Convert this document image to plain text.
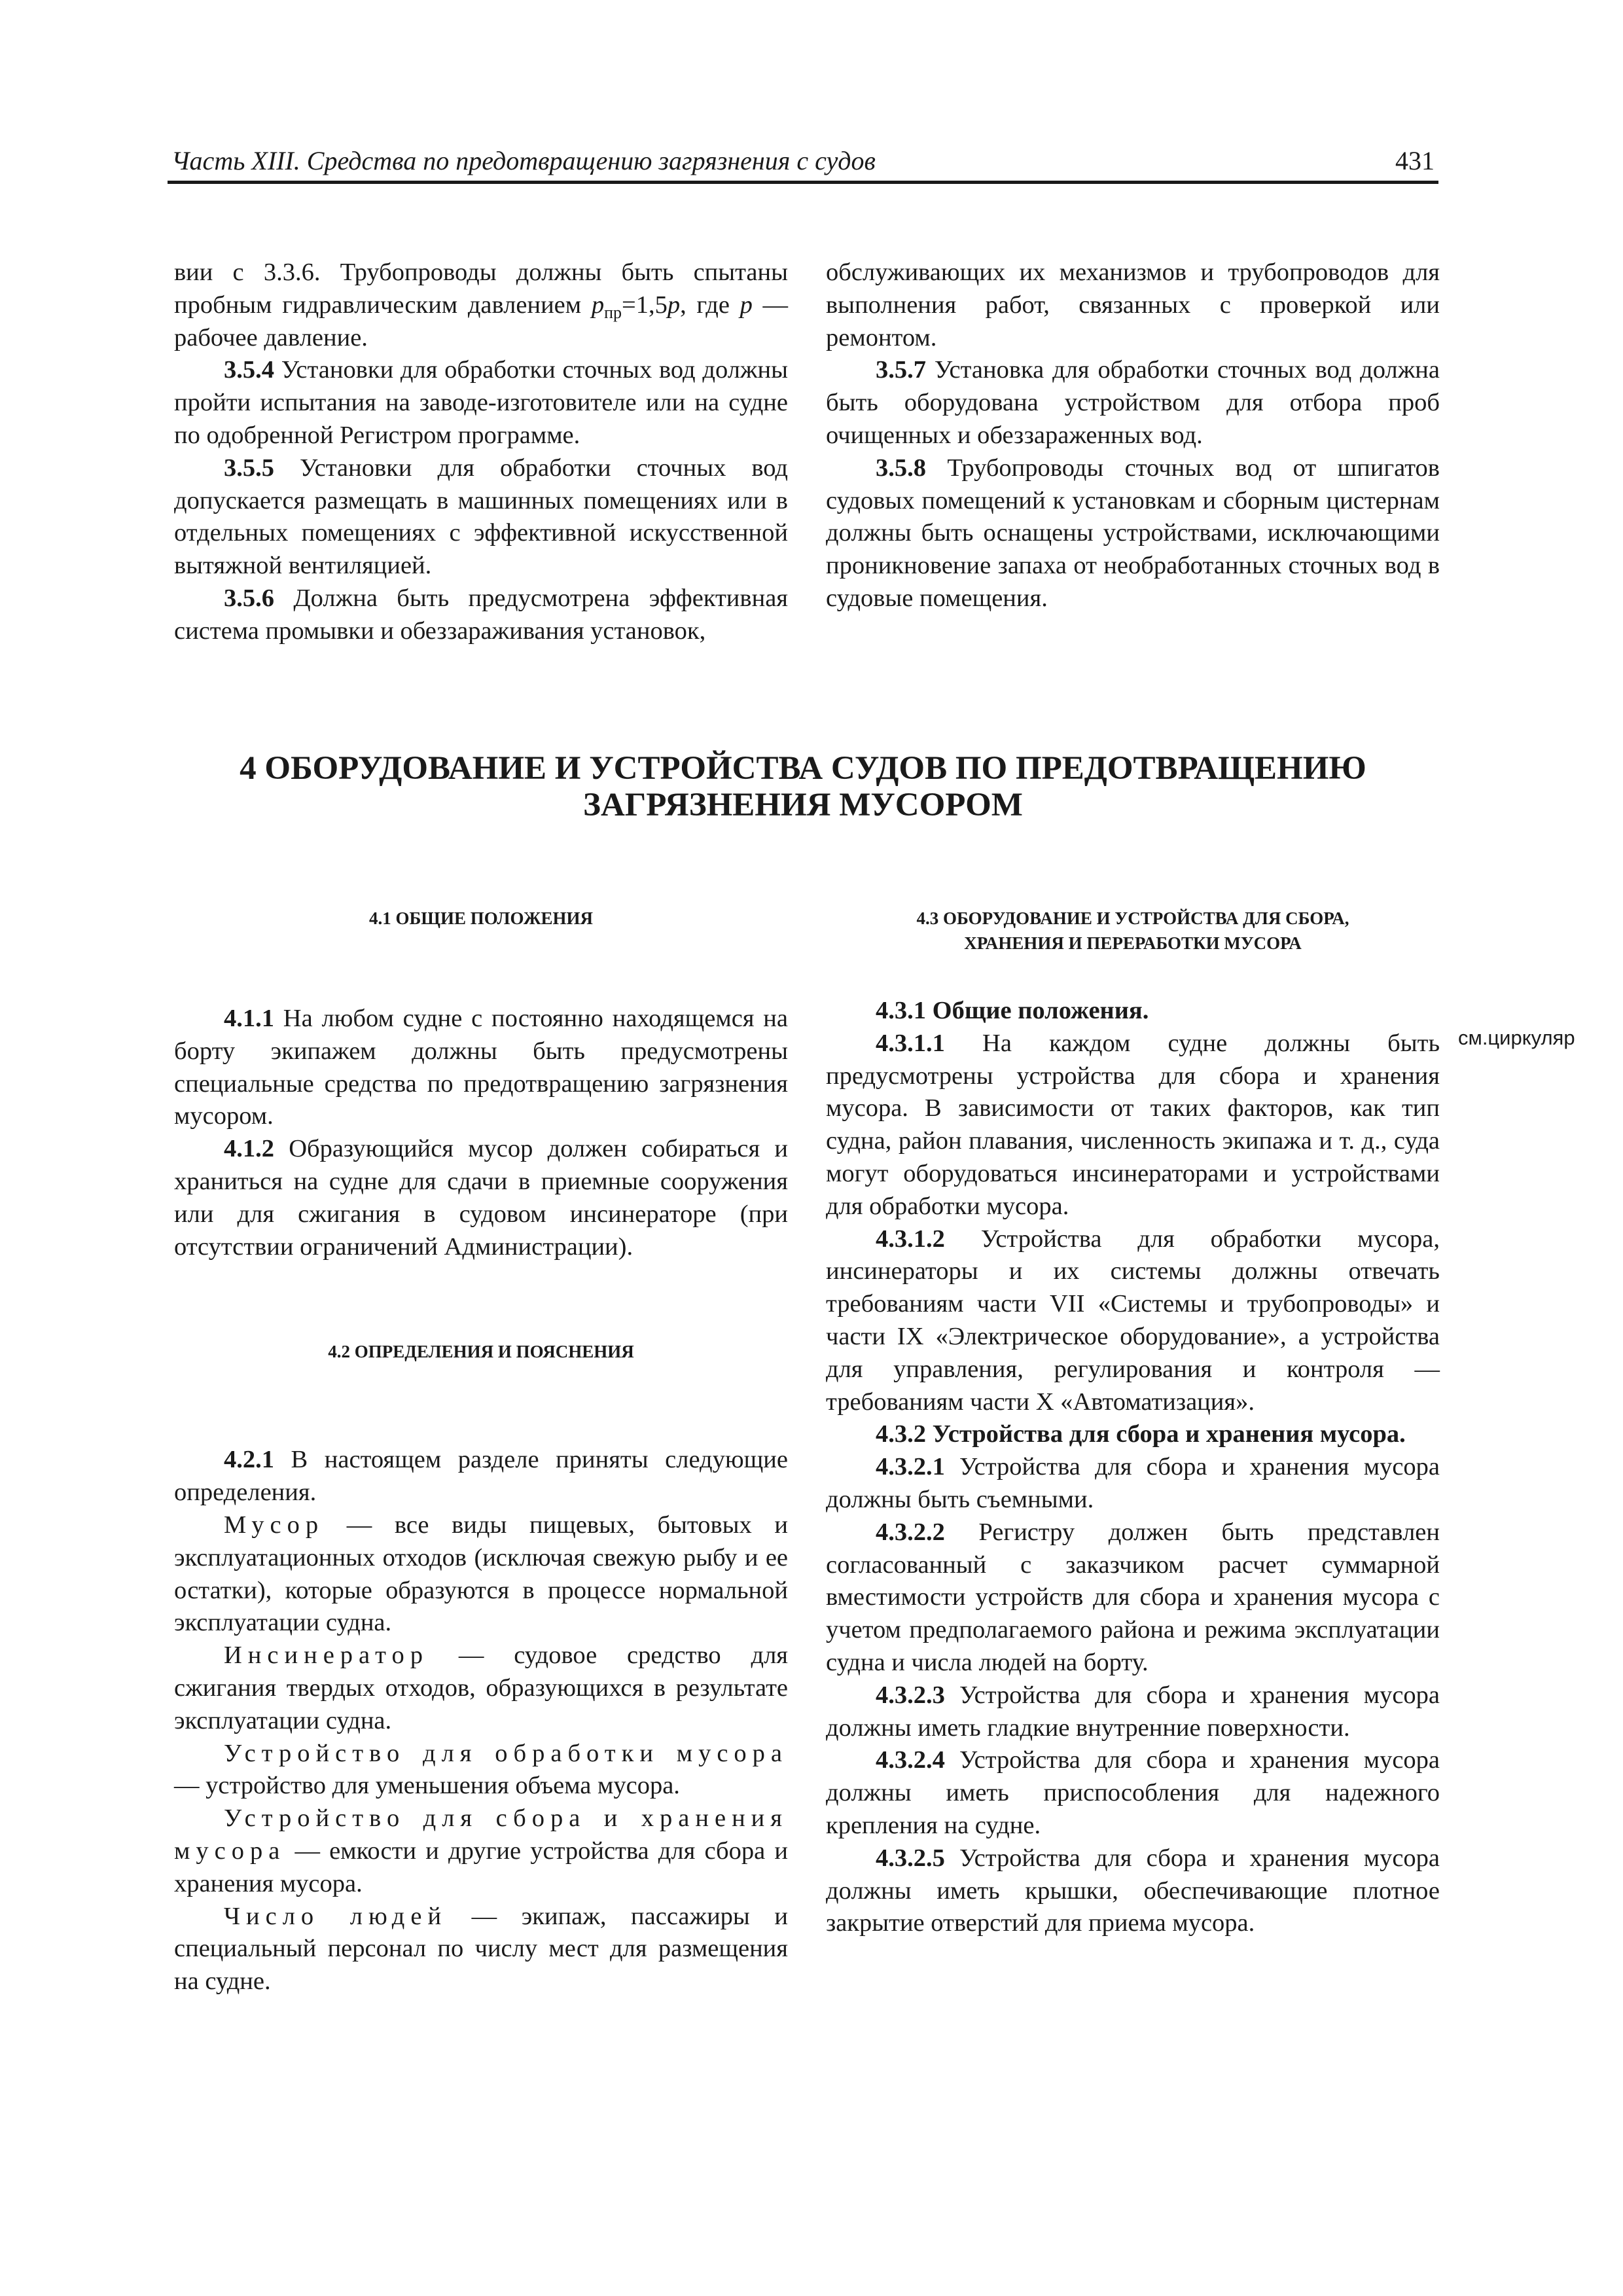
Часть XIII. Средства по предотвращению загрязнения с судов	431

вии с 3.3.6. Трубопроводы должны быть спытаны пробным гидравлическим давлением $p_{пр}=1,5p$, где p — рабочее давление.

3.5.4 Установки для обработки сточных вод должны пройти испытания на заводе-изготовителе или на судне по одобренной Регистром программе.

3.5.5 Установки для обработки сточных вод допускается размещать в машинных помещениях или в отдельных помещениях с эффективной искусственной вытяжной вентиляцией.

3.5.6 Должна быть предусмотрена эффективная система промывки и обеззараживания установок,

обслуживающих их механизмов и трубопроводов для выполнения работ, связанных с проверкой или ремонтом.

3.5.7 Установка для обработки сточных вод должна быть оборудована устройством для отбора проб очищенных и обеззараженных вод.

3.5.8 Трубопроводы сточных вод от шпигатов судовых помещений к установкам и сборным цистернам должны быть оснащены устройствами, исключающими проникновение запаха от необработанных сточных вод в судовые помещения.

4 ОБОРУДОВАНИЕ И УСТРОЙСТВА СУДОВ ПО ПРЕДОТВРАЩЕНИЮ
ЗАГРЯЗНЕНИЯ МУСОРОМ
4.1 ОБЩИЕ ПОЛОЖЕНИЯ

4.1.1 На любом судне с постоянно находящемся на борту экипажем должны быть предусмотрены специальные средства по предотвращению загрязнения мусором.

4.1.2 Образующийся мусор должен собираться и храниться на судне для сдачи в приемные сооружения или для сжигания в судовом инсинераторе (при отсутствии ограничений Администрации).

4.2 ОПРЕДЕЛЕНИЯ И ПОЯСНЕНИЯ

4.2.1 В настоящем разделе приняты следующие определения.

Мусор — все виды пищевых, бытовых и эксплуатационных отходов (исключая свежую рыбу и ее остатки), которые образуются в процессе нормальной эксплуатации судна.

Инсинератор — судовое средство для сжигания твердых отходов, образующихся в результате эксплуатации судна.

Устройство для обработки мусора — устройство для уменьшения объема мусора.

Устройство для сбора и хранения мусора — емкости и другие устройства для сбора и хранения мусора.

Число людей — экипаж, пассажиры и специальный персонал по числу мест для размещения на судне.

4.3 ОБОРУДОВАНИЕ И УСТРОЙСТВА ДЛЯ СБОРА,
ХРАНЕНИЯ И ПЕРЕРАБОТКИ МУСОРА

4.3.1 Общие положения.

4.3.1.1 На каждом судне должны быть предусмотрены устройства для сбора и хранения мусора. В зависимости от таких факторов, как тип судна, район плавания, численность экипажа и т. д., суда могут оборудоваться инсинераторами и устройствами для обработки мусора.

4.3.1.2 Устройства для обработки мусора, инсинераторы и их системы должны отвечать требованиям части VII «Системы и трубопроводы» и части IX «Электрическое оборудование», а устройства для управления, регулирования и контроля — требованиям части X «Автоматизация».

4.3.2 Устройства для сбора и хранения мусора.

4.3.2.1 Устройства для сбора и хранения мусора должны быть съемными.

4.3.2.2 Регистру должен быть представлен согласованный с заказчиком расчет суммарной вместимости устройств для сбора и хранения мусора с учетом предполагаемого района и режима эксплуатации судна и числа людей на борту.

4.3.2.3 Устройства для сбора и хранения мусора должны иметь гладкие внутренние поверхности.

4.3.2.4 Устройства для сбора и хранения мусора должны иметь приспособления для надежного крепления на судне.

4.3.2.5 Устройства для сбора и хранения мусора должны иметь крышки, обеспечивающие плотное закрытие отверстий для приема мусора.

см.циркуляр
